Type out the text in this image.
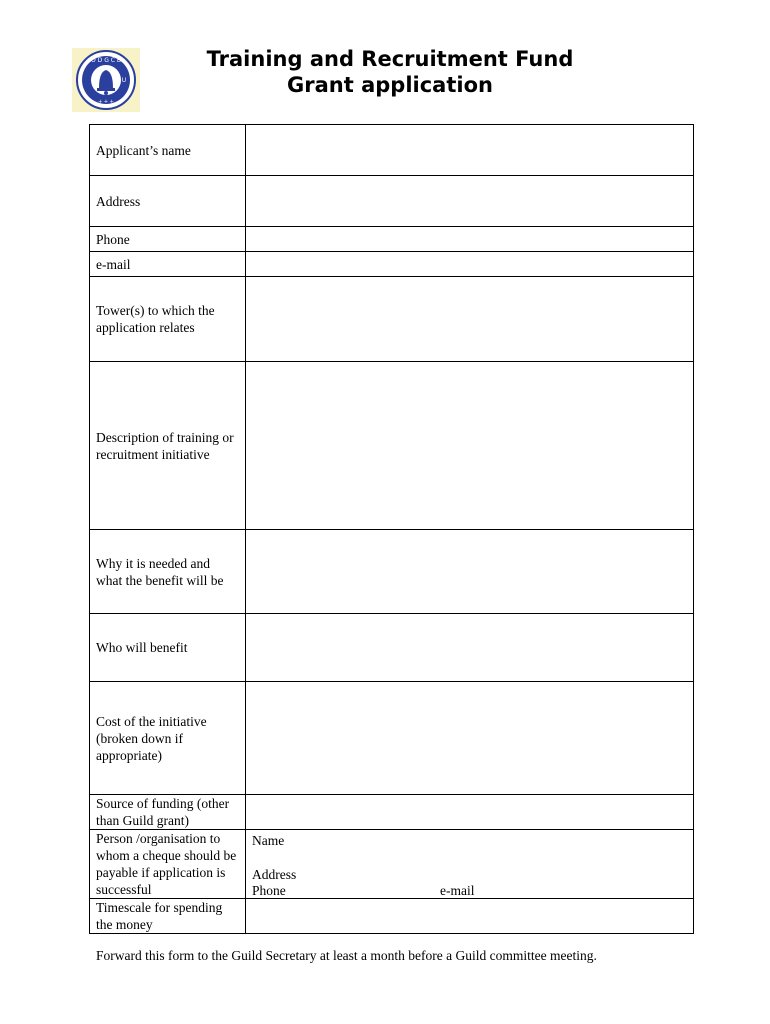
O D G C B
U
+ + +
Training and Recruitment Fund
Grant application
Applicant’s name	
Address	
Phone	
e-mail	
Tower(s) to which the application relates	
Description of training or recruitment initiative	
Why it is needed and what the benefit will be	
Who will benefit	
Cost of the initiative (broken down if appropriate)	
Source of funding (other than Guild grant)	
Person /organisation to whom a cheque should be payable if application is successful	Name
Address
Phone e-mail

Timescale for spending the money	
Forward this form to the Guild Secretary at least a month before a Guild committee meeting.
